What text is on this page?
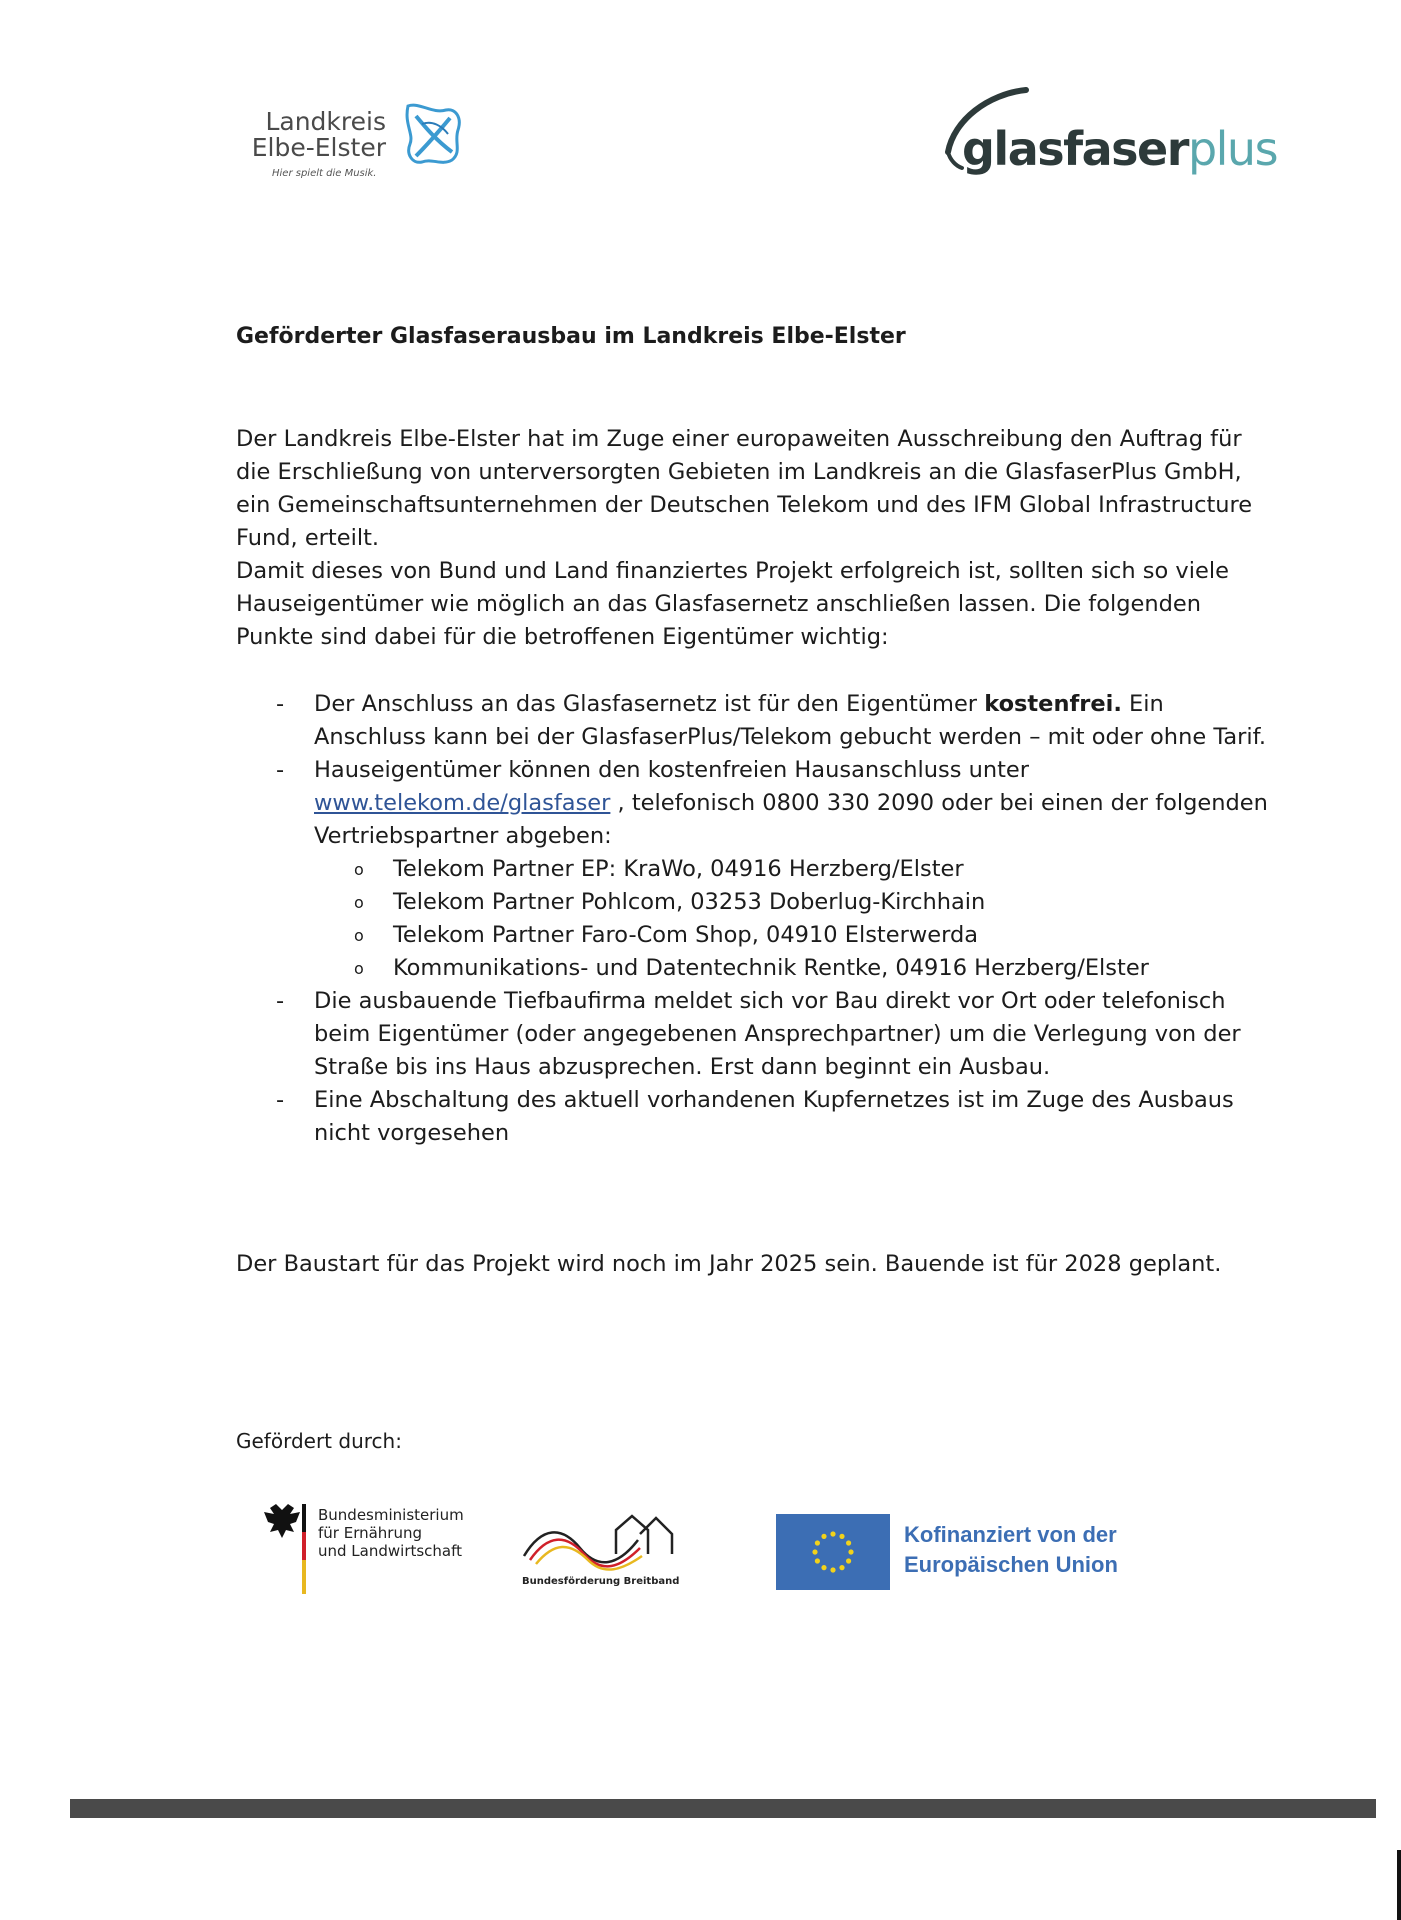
Landkreis
Elbe-Elster
Hier spielt die Musik.	glasfaserplus
Geförderter Glasfaserausbau im Landkreis Elbe-Elster

Der Landkreis Elbe-Elster hat im Zuge einer europaweiten Ausschreibung den Auftrag für die Erschließung von unterversorgten Gebieten im Landkreis an die GlasfaserPlus GmbH, ein Gemeinschaftsunternehmen der Deutschen Telekom und des IFM Global Infrastructure Fund, erteilt.

Damit dieses von Bund und Land finanziertes Projekt erfolgreich ist, sollten sich so viele Hauseigentümer wie möglich an das Glasfasernetz anschließen lassen. Die folgenden Punkte sind dabei für die betroffenen Eigentümer wichtig:

- Der Anschluss an das Glasfasernetz ist für den Eigentümer kostenfrei. Ein Anschluss kann bei der GlasfaserPlus/Telekom gebucht werden – mit oder ohne Tarif.
- Hauseigentümer können den kostenfreien Hausanschluss unter www.telekom.de/glasfaser , telefonisch 0800 330 2090 oder bei einen der folgenden Vertriebspartner abgeben:
o Telekom Partner EP: KraWo, 04916 Herzberg/Elster
o Telekom Partner Pohlcom, 03253 Doberlug-Kirchhain
o Telekom Partner Faro-Com Shop, 04910 Elsterwerda
o Kommunikations- und Datentechnik Rentke, 04916 Herzberg/Elster
- Die ausbauende Tiefbaufirma meldet sich vor Bau direkt vor Ort oder telefonisch beim Eigentümer (oder angegebenen Ansprechpartner) um die Verlegung von der Straße bis ins Haus abzusprechen. Erst dann beginnt ein Ausbau.
- Eine Abschaltung des aktuell vorhandenen Kupfernetzes ist im Zuge des Ausbaus nicht vorgesehen
Der Baustart für das Projekt wird noch im Jahr 2025 sein. Bauende ist für 2028 geplant.
Gefördert durch:
Bundesministerium
für Ernährung
und Landwirtschaft
Bundesförderung Breitband
Kofinanziert von der
Europäischen Union
